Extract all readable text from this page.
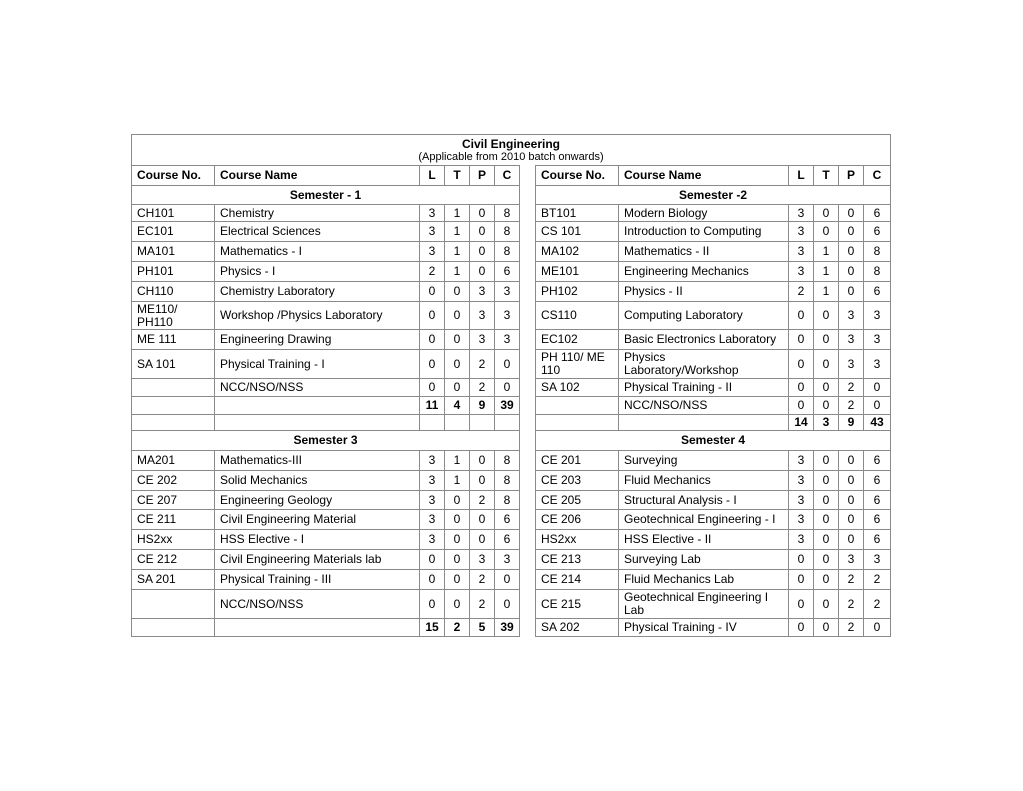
Civil Engineering
(Applicable from 2010 batch onwards)												

Course No.	Course Name	L	T	P	C		Course No.	Course Name	L	T	P	C
Semester - 1							Semester -2					
CH101	Chemistry	3	1	0	8		BT101	Modern Biology	3	0	0	6
EC101	Electrical Sciences	3	1	0	8		CS 101	Introduction to Computing	3	0	0	6
MA101	Mathematics - I	3	1	0	8		MA102	Mathematics - II	3	1	0	8
PH101	Physics - I	2	1	0	6		ME101	Engineering Mechanics	3	1	0	8
CH110	Chemistry Laboratory	0	0	3	3		PH102	Physics - II	2	1	0	6
ME110/ PH110	Workshop /Physics Laboratory	0	0	3	3		CS110	Computing Laboratory	0	0	3	3
ME 111	Engineering Drawing	0	0	3	3		EC102	Basic Electronics Laboratory	0	0	3	3
SA 101	Physical Training - I	0	0	2	0		PH 110/ ME 110	Physics Laboratory/Workshop	0	0	3	3
	NCC/NSO/NSS	0	0	2	0		SA 102	Physical Training - II	0	0	2	0
		11	4	9	39			NCC/NSO/NSS	0	0	2	0
									14	3	9	43
Semester 3							Semester 4					
MA201	Mathematics-III	3	1	0	8		CE 201	Surveying	3	0	0	6
CE 202	Solid Mechanics	3	1	0	8		CE 203	Fluid Mechanics	3	0	0	6
CE 207	Engineering Geology	3	0	2	8		CE 205	Structural Analysis - I	3	0	0	6
CE 211	Civil Engineering Material	3	0	0	6		CE 206	Geotechnical Engineering - I	3	0	0	6
HS2xx	HSS Elective - I	3	0	0	6		HS2xx	HSS Elective - II	3	0	0	6
CE 212	Civil Engineering Materials lab	0	0	3	3		CE 213	Surveying Lab	0	0	3	3
SA 201	Physical Training - III	0	0	2	0		CE 214	Fluid Mechanics Lab	0	0	2	2
	NCC/NSO/NSS	0	0	2	0		CE 215	Geotechnical Engineering I Lab	0	0	2	2
		15	2	5	39		SA 202	Physical Training - IV	0	0	2	0
